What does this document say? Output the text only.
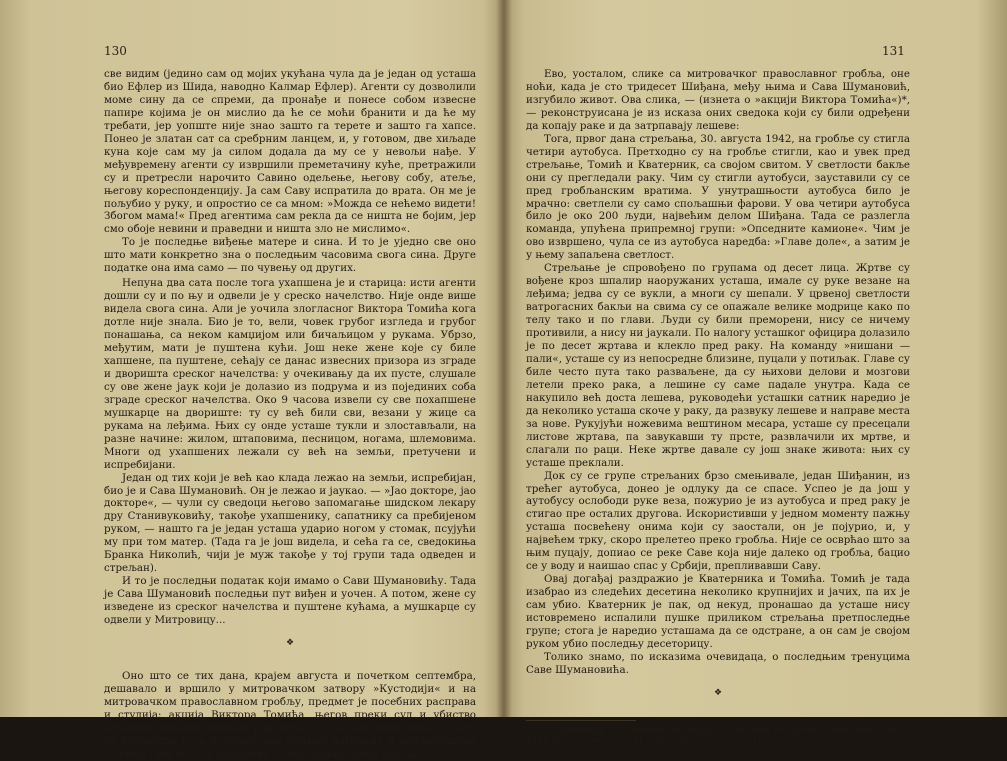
130

све видим (једино сам од мојих укућана чула да је један од усташа био Ефлер из Шида, наводно Калмар Ефлер). Агенти су дозволили моме сину да се спреми, да пронађе и понесе собом извесне папире којима је он мислио да ће се моћи бранити и да ће му требати, јер уопште није знао зашто га терете и зашто га хапсе. Понео је златан сат са сребрним ланцем, и, у готовом, две хиљаде куна које сам му ја силом додала да му се у невољи нађе. У међувремену агенти су извршили преметачину куће, претражили су и претресли нарочито Савино одељење, његову собу, атеље, његову кореспонденцију. Ја сам Саву испратила до врата. Он ме је пољубио у руку, и опростио се са мном: »Можда се нећемо видети! Збогом мама!« Пред агентима сам рекла да се ништа не бојим, јер смо обоје невини и праведни и ништа зло не мислимо«.

То је последње виђење матере и сина. И то је уједно све оно што мати конкретно зна о последњим часовима свога сина. Друге податке она има само — по чувењу од других.

Непуна два сата после тога ухапшена је и старица: исти агенти дошли су и по њу и одвели је у среско начелство. Није онде више видела свога сина. Али је уочила злогласног Виктора Томића кога дотле није знала. Био је то, вели, човек грубог изгледа и грубог понашања, са неком камџијом или бичаљицом у рукама. Убрзо, међутим, мати је пуштена кући. Још неке жене које су биле хапшене, па пуштене, сећају се данас извесних призора из зграде и дворишта среског начелства: у очекивању да их пусте, слушале су ове жене јаук који је долазио из подрума и из појединих соба зграде среског начелства. Око 9 часова извели су све похапшене мушкарце на двориште: ту су већ били сви, везани у жице са рукама на леђима. Њих су онде усташе тукли и злостављали, на разне начине: жилом, штаповима, песницом, ногама, шлемовима. Многи од ухапшених лежали су већ на земљи, претучени и испребијани.

Један од тих који је већ као клада лежао на земљи, испребијан, био је и Сава Шумановић. Он је лежао и јаукао. — »Јао докторе, јао докторе«, — чули су сведоци његово запомагање шидском лекару дру Станивуковићу, такође ухапшенику, сапатнику са пребијеном руком, — нашто га је један усташа ударио ногом у стомак, псујући му при том матер. (Тада га је још видела, и сећа га се, сведокиња Бранка Николић, чији је муж такође у тој групи тада одведен и стрељан).

И то је последњи податак који имамо о Сави Шумановићу. Тада је Сава Шумановић последњи пут виђен и уочен. А потом, жене су изведене из среског начелства и пуштене кућама, а мушкарце су одвели у Митровицу...

❖

Оно што се тих дана, крајем августа и почетком септембра, дешавало и вршило у митровачком затвору »Кустодији« и на митровачком православном гробљу, предмет је посебних расправа и студија: акција Виктора Томића, његов преки суд и убиство неколико хиљада невиних родољуба, у току неколико ноћи, остају за потомство и за историју као пример најтежих и најсвирепијих злочинстава која су извршена у току фашистичке најезде.

131

Ево, уосталом, слике са митровачког православног гробља, оне ноћи, када је сто тридесет Шиђана, међу њима и Сава Шумановић, изгубило живот. Ова слика, — (изнета о »акцији Виктора Томића«)*, — реконструисана је из исказа оних сведока који су били одређени да копају раке и да затрпавају лешеве:

Тога, првог дана стрељања, 30. августа 1942, на гробље су стигла четири аутобуса. Претходно су на гробље стигли, као и увек пред стрељање, Томић и Кватерник, са својом свитом. У светлости бакље они су прегледали раку. Чим су стигли аутобуси, зауставили су се пред гробљанским вратима. У унутрашњости аутобуса било је мрачно: светлели су само спољашњи фарови. У ова четири аутобуса било је око 200 људи, највећим делом Шиђана. Тада се разлегла команда, упућена припремној групи: »Опседните камионе«. Чим је ово извршено, чула се из аутобуса наредба: »Главе доле«, а затим је у њему запаљена светлост.

Стрељање је спровођено по групама од десет лица. Жртве су вођене кроз шпалир наоружаних усташа, имале су руке везане на леђима; једва су се вукли, а многи су шепали. У црвеној светлости ватрогасних бакљи на свима су се опажале велике модрице како по телу тако и по глави. Људи су били преморени, нису се ничему противили, а нису ни јаукали. По налогу усташког официра долазило је по десет жртава и клекло пред раку. На команду »нишани — пали«, усташе су из непосредне близине, пуцали у потиљак. Главе су биле често пута тако разваљене, да су њихови делови и мозгови летели преко рака, а лешине су саме падале унутра. Када се накупило већ доста лешева, руководећи усташки сатник наредио је да неколико усташа скоче у раку, да развуку лешеве и направе места за нове. Рукујући ножевима вештином месара, усташе су пресецали листове жртава, па завукавши ту прсте, развлачили их мртве, и слагали по раци. Неке жртве давале су још знаке живота: њих су усташе преклали.

Док су се групе стрељаних брзо смењивале, један Шиђанин, из трећег аутобуса, донео је одлуку да се спасе. Успео је да још у аутобусу ослободи руке веза, пожурио је из аутобуса и пред раку је стигао пре осталих другова. Искористивши у једном моменту пажњу усташа посвећену онима који су заостали, он је појурио, и, у највећем трку, скоро прелетео преко гробља. Није се осврћао што за њим пуцају, допиао се реке Саве која није далеко од гробља, бацио се у воду и наишао спас у Србији, препливавши Саву.

Овај догађај раздражио је Кватерника и Томића. Томић је тада изабрао из следећих десетина неколико крупнијих и јачих, па их је сам убио. Кватерник је пак, од некуд, пронашао да усташе нису истовремено испалили пушке приликом стрељања претпоследње групе; стога је наредио усташама да се одстране, а он сам је својом руком убио последњу десеторицу.

Толико знамо, по исказима очевидаца, о последњим тренуцима Саве Шумановића.

❖

* Саопштења о злочинима окупатора и њихових помагача у Војводини 1941—1944, књ. 2, Срем, св. 1, Н. Сад 1946, (стр. 229—231).
